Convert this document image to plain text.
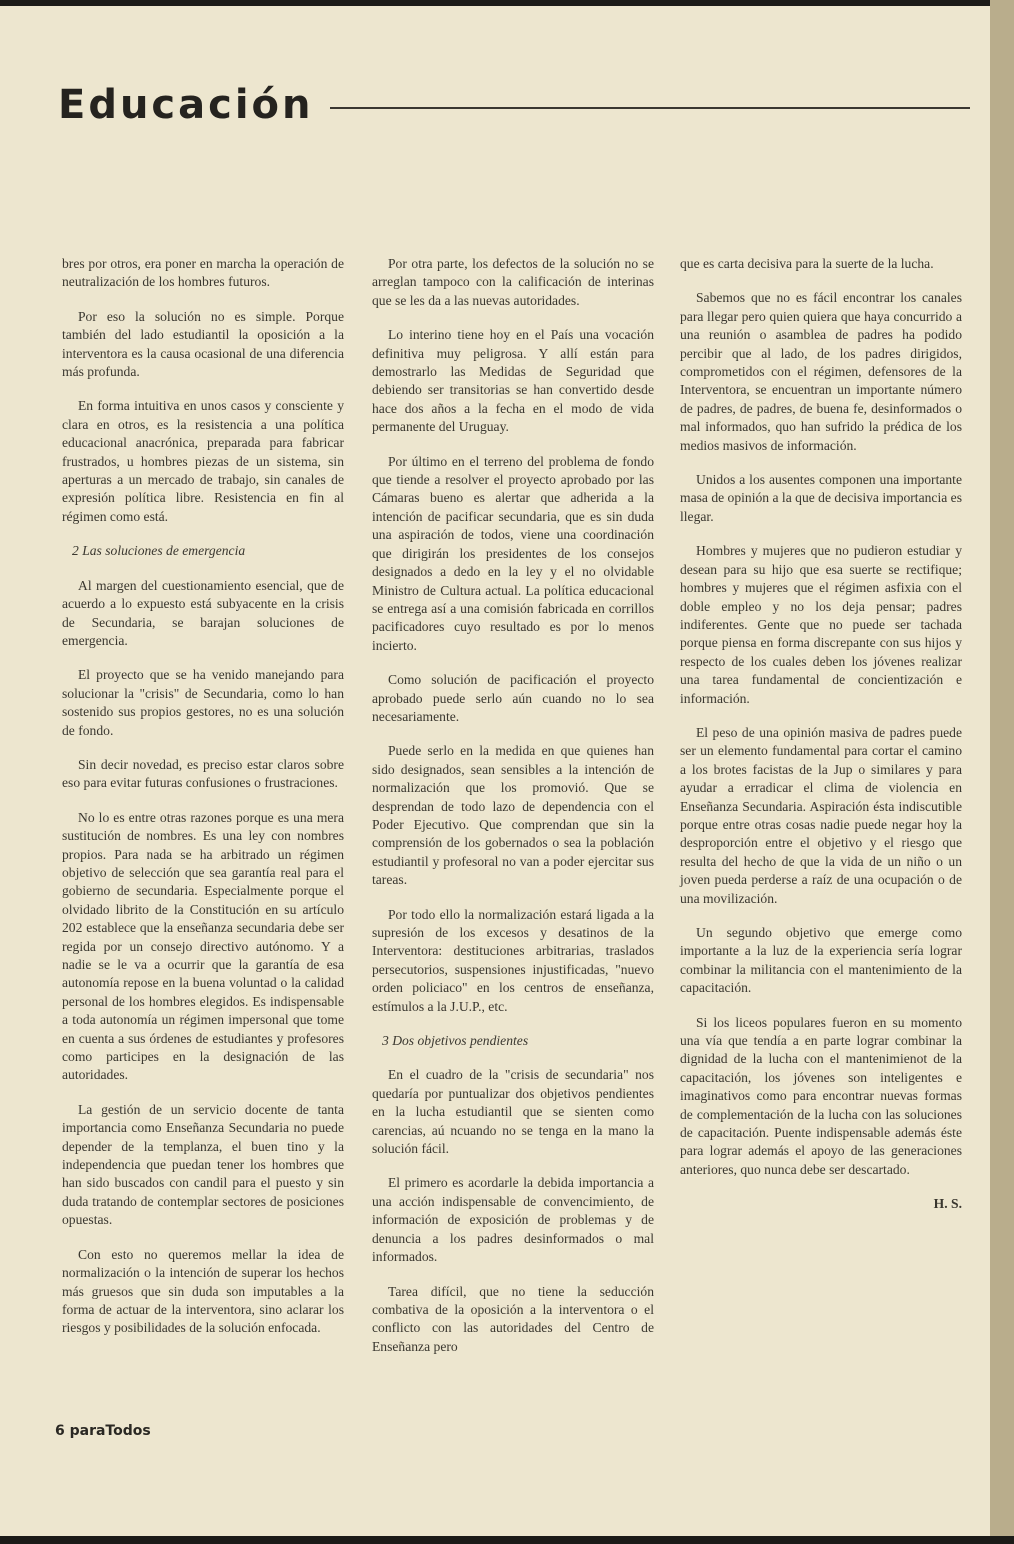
Educación

bres por otros, era poner en marcha la operación de neutralización de los hombres futuros.

Por eso la solución no es simple. Porque también del lado estudiantil la oposición a la interventora es la causa ocasional de una diferencia más profunda.

En forma intuitiva en unos casos y consciente y clara en otros, es la resistencia a una política educacional anacrónica, preparada para fabricar frustrados, u hombres piezas de un sistema, sin aperturas a un mercado de trabajo, sin canales de expresión política libre. Resistencia en fin al régimen como está.

2 Las soluciones de emergencia

Al margen del cuestionamiento esencial, que de acuerdo a lo expuesto está subyacente en la crisis de Secundaria, se barajan soluciones de emergencia.

El proyecto que se ha venido manejando para solucionar la "crisis" de Secundaria, como lo han sostenido sus propios gestores, no es una solución de fondo.

Sin decir novedad, es preciso estar claros sobre eso para evitar futuras confusiones o frustraciones.

No lo es entre otras razones porque es una mera sustitución de nombres. Es una ley con nombres propios. Para nada se ha arbitrado un régimen objetivo de selección que sea garantía real para el gobierno de secundaria. Especialmente porque el olvidado librito de la Constitución en su artículo 202 establece que la enseñanza secundaria debe ser regida por un consejo directivo autónomo. Y a nadie se le va a ocurrir que la garantía de esa autonomía repose en la buena voluntad o la calidad personal de los hombres elegidos. Es indispensable a toda autonomía un régimen impersonal que tome en cuenta a sus órdenes de estudiantes y profesores como participes en la designación de las autoridades.

La gestión de un servicio docente de tanta importancia como Enseñanza Secundaria no puede depender de la templanza, el buen tino y la independencia que puedan tener los hombres que han sido buscados con candil para el puesto y sin duda tratando de contemplar sectores de posiciones opuestas.

Con esto no queremos mellar la idea de normalización o la intención de superar los hechos más gruesos que sin duda son imputables a la forma de actuar de la interventora, sino aclarar los riesgos y posibilidades de la solución enfocada.

Por otra parte, los defectos de la solución no se arreglan tampoco con la calificación de interinas que se les da a las nuevas autoridades.

Lo interino tiene hoy en el País una vocación definitiva muy peligrosa. Y allí están para demostrarlo las Medidas de Seguridad que debiendo ser transitorias se han convertido desde hace dos años a la fecha en el modo de vida permanente del Uruguay.

Por último en el terreno del problema de fondo que tiende a resolver el proyecto aprobado por las Cámaras bueno es alertar que adherida a la intención de pacificar secundaria, que es sin duda una aspiración de todos, viene una coordinación que dirigirán los presidentes de los consejos designados a dedo en la ley y el no olvidable Ministro de Cultura actual. La política educacional se entrega así a una comisión fabricada en corrillos pacificadores cuyo resultado es por lo menos incierto.

Como solución de pacificación el proyecto aprobado puede serlo aún cuando no lo sea necesariamente.

Puede serlo en la medida en que quienes han sido designados, sean sensibles a la intención de normalización que los promovió. Que se desprendan de todo lazo de dependencia con el Poder Ejecutivo. Que comprendan que sin la comprensión de los gobernados o sea la población estudiantil y profesoral no van a poder ejercitar sus tareas.

Por todo ello la normalización estará ligada a la supresión de los excesos y desatinos de la Interventora: destituciones arbitrarias, traslados persecutorios, suspensiones injustificadas, "nuevo orden policiaco" en los centros de enseñanza, estímulos a la J.U.P., etc.

3 Dos objetivos pendientes

En el cuadro de la "crisis de secundaria" nos quedaría por puntualizar dos objetivos pendientes en la lucha estudiantil que se sienten como carencias, aú ncuando no se tenga en la mano la solución fácil.

El primero es acordarle la debida importancia a una acción indispensable de convencimiento, de información de exposición de problemas y de denuncia a los padres desinformados o mal informados.

Tarea difícil, que no tiene la seducción combativa de la oposición a la interventora o el conflicto con las autoridades del Centro de Enseñanza pero

que es carta decisiva para la suerte de la lucha.

Sabemos que no es fácil encontrar los canales para llegar pero quien quiera que haya concurrido a una reunión o asamblea de padres ha podido percibir que al lado, de los padres dirigidos, comprometidos con el régimen, defensores de la Interventora, se encuentran un importante número de padres, de padres, de buena fe, desinformados o mal informados, quo han sufrido la prédica de los medios masivos de información.

Unidos a los ausentes componen una importante masa de opinión a la que de decisiva importancia es llegar.

Hombres y mujeres que no pudieron estudiar y desean para su hijo que esa suerte se rectifique; hombres y mujeres que el régimen asfixia con el doble empleo y no los deja pensar; padres indiferentes. Gente que no puede ser tachada porque piensa en forma discrepante con sus hijos y respecto de los cuales deben los jóvenes realizar una tarea fundamental de concientización e información.

El peso de una opinión masiva de padres puede ser un elemento fundamental para cortar el camino a los brotes facistas de la Jup o similares y para ayudar a erradicar el clima de violencia en Enseñanza Secundaria. Aspiración ésta indiscutible porque entre otras cosas nadie puede negar hoy la desproporción entre el objetivo y el riesgo que resulta del hecho de que la vida de un niño o un joven pueda perderse a raíz de una ocupación o de una movilización.

Un segundo objetivo que emerge como importante a la luz de la experiencia sería lograr combinar la militancia con el mantenimiento de la capacitación.

Si los liceos populares fueron en su momento una vía que tendía a en parte lograr combinar la dignidad de la lucha con el mantenimienot de la capacitación, los jóvenes son inteligentes e imaginativos como para encontrar nuevas formas de complementación de la lucha con las soluciones de capacitación. Puente indispensable además éste para lograr además el apoyo de las generaciones anteriores, quo nunca debe ser descartado.

H. S.

6 paraTodos
